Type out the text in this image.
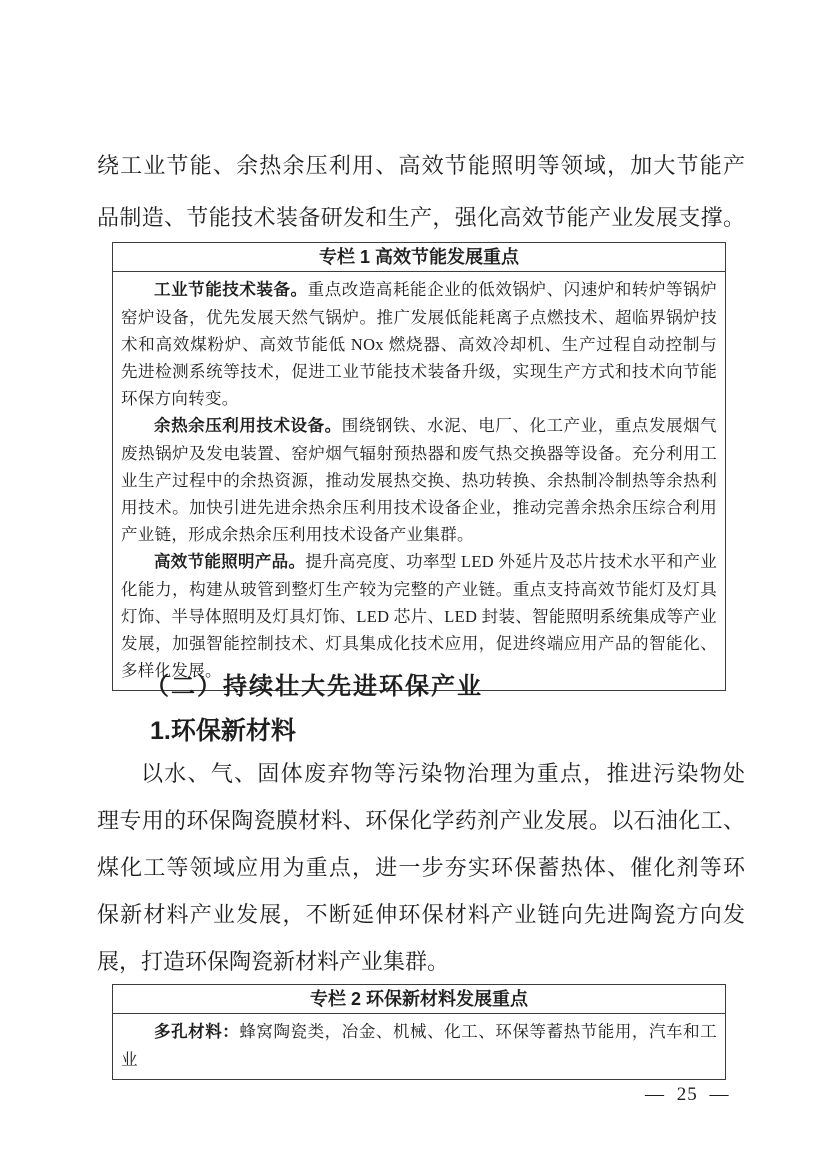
绕工业节能、余热余压利用、高效节能照明等领域，加大节能产
品制造、节能技术装备研发和生产，强化高效节能产业发展支撑。
专栏 1 高效节能发展重点

工业节能技术装备。重点改造高耗能企业的低效锅炉、闪速炉和转炉等锅炉窑炉设备，优先发展天然气锅炉。推广发展低能耗离子点燃技术、超临界锅炉技术和高效煤粉炉、高效节能低 NOx 燃烧器、高效冷却机、生产过程自动控制与先进检测系统等技术，促进工业节能技术装备升级，实现生产方式和技术向节能环保方向转变。

余热余压利用技术设备。围绕钢铁、水泥、电厂、化工产业，重点发展烟气废热锅炉及发电装置、窑炉烟气辐射预热器和废气热交换器等设备。充分利用工业生产过程中的余热资源，推动发展热交换、热功转换、余热制冷制热等余热利用技术。加快引进先进余热余压利用技术设备企业，推动完善余热余压综合利用产业链，形成余热余压利用技术设备产业集群。

高效节能照明产品。提升高亮度、功率型 LED 外延片及芯片技术水平和产业化能力，构建从玻管到整灯生产较为完整的产业链。重点支持高效节能灯及灯具灯饰、半导体照明及灯具灯饰、LED 芯片、LED 封装、智能照明系统集成等产业发展，加强智能控制技术、灯具集成化技术应用，促进终端应用产品的智能化、多样化发展。

（二）持续壮大先进环保产业
1.环保新材料
以水、气、固体废弃物等污染物治理为重点，推进污染物处
理专用的环保陶瓷膜材料、环保化学药剂产业发展。以石油化工、
煤化工等领域应用为重点，进一步夯实环保蓄热体、催化剂等环
保新材料产业发展，不断延伸环保材料产业链向先进陶瓷方向发
展，打造环保陶瓷新材料产业集群。
专栏 2 环保新材料发展重点

多孔材料：蜂窝陶瓷类，冶金、机械、化工、环保等蓄热节能用，汽车和工业

— 25 —
